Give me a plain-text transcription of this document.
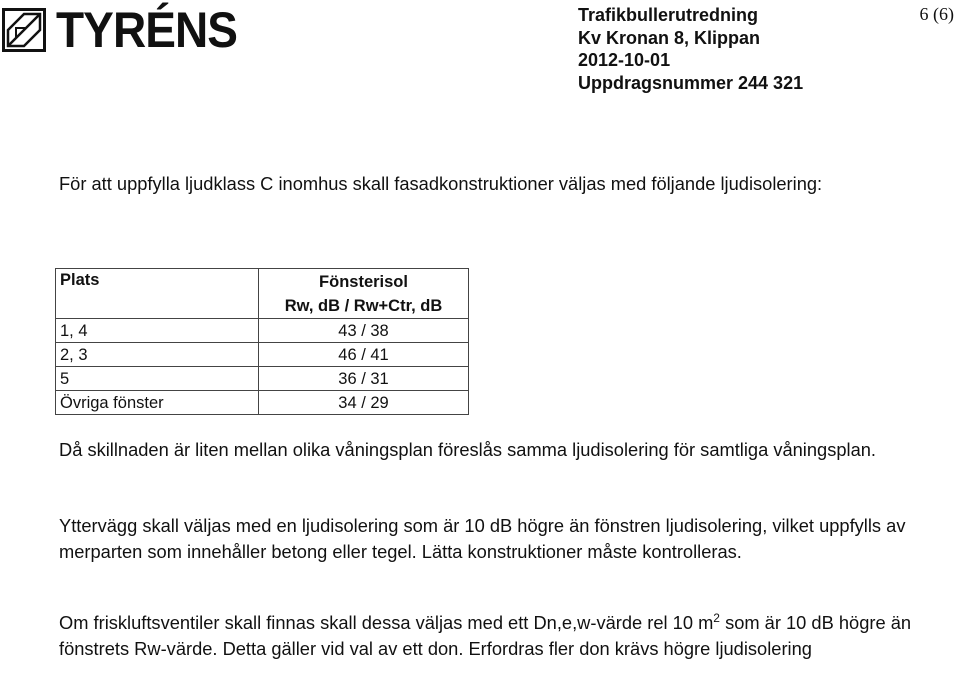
TYRÉNS	Trafikbullerutredning
Kv Kronan 8, Klippan
2012-10-01
Uppdragsnummer 244 321
6 (6)

För att uppfylla ljudklass C inomhus skall fasadkonstruktioner väljas med följande ljudisolering:

Plats	Fönsterisol
Rw, dB / Rw+Ctr, dB

1, 4	43 / 38
2, 3	46 / 41
5	36 / 31
Övriga fönster	34 / 29

Då skillnaden är liten mellan olika våningsplan föreslås samma ljudisolering för samtliga våningsplan.

Yttervägg skall väljas med en ljudisolering som är 10 dB högre än fönstren ljudisolering, vilket uppfylls av merparten som innehåller betong eller tegel. Lätta konstruktioner måste kontrolleras.

Om friskluftsventiler skall finnas skall dessa väljas med ett Dn,e,w-värde rel 10 $m^2$ som är 10 dB högre än fönstrets Rw-värde. Detta gäller vid val av ett don. Erfordras fler don krävs högre ljudisolering
